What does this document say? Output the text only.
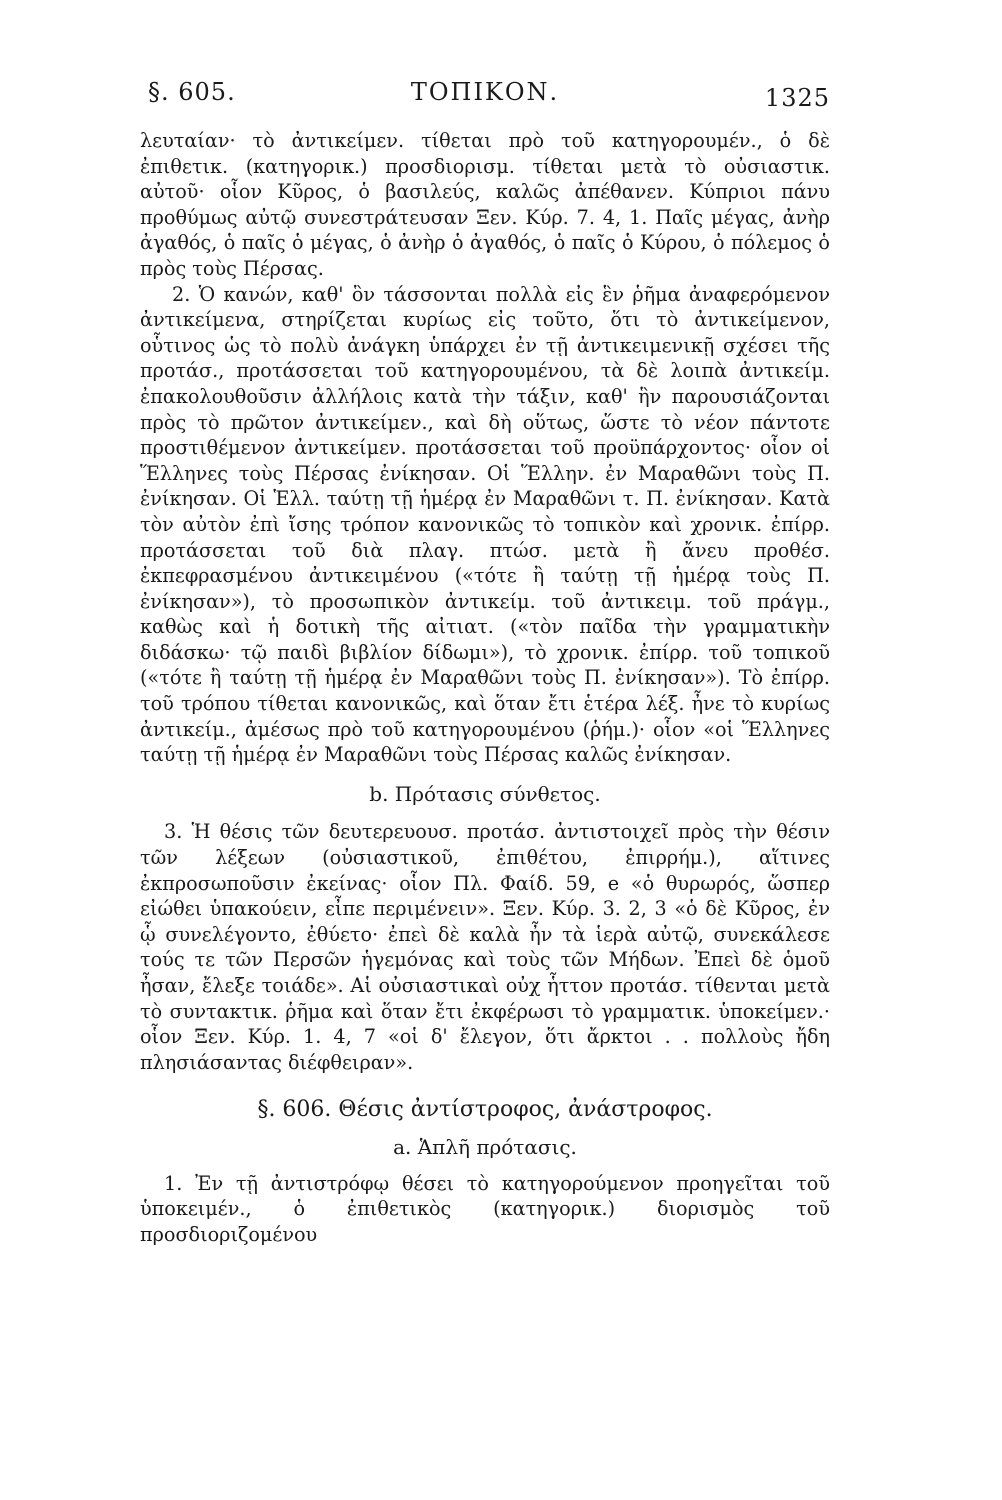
§. 605.	ΤΟΠΙΚΟΝ.	1325

λευταίαν· τὸ ἀντικείμεν. τίθεται πρὸ τοῦ κατηγορουμέν., ὁ δὲ ἐπιθετικ. (κατηγορικ.) προσδιορισμ. τίθεται μετὰ τὸ οὐσιαστικ. αὐτοῦ· οἷον Κῦρος, ὁ βασιλεύς, καλῶς ἀπέθανεν. Κύπριοι πάνυ προθύμως αὐτῷ συνεστράτευσαν Ξεν. Κύρ. 7. 4, 1. Παῖς μέγας, ἀνὴρ ἀγαθός, ὁ παῖς ὁ μέγας, ὁ ἀνὴρ ὁ ἀγαθός, ὁ παῖς ὁ Κύρου, ὁ πόλεμος ὁ πρὸς τοὺς Πέρσας.

2. Ὁ κανών, καθ' ὃν τάσσονται πολλὰ εἰς ἓν ῥῆμα ἀναφερόμενον ἀντικείμενα, στηρίζεται κυρίως εἰς τοῦτο, ὅτι τὸ ἀντικείμενον, οὗτινος ὡς τὸ πολὺ ἀνάγκη ὑπάρχει ἐν τῇ ἀντικειμενικῇ σχέσει τῆς προτάσ., προτάσσεται τοῦ κατηγορουμένου, τὰ δὲ λοιπὰ ἀντικείμ. ἐπακολουθοῦσιν ἀλλήλοις κατὰ τὴν τάξιν, καθ' ἣν παρουσιάζονται πρὸς τὸ πρῶτον ἀντικείμεν., καὶ δὴ οὕτως, ὥστε τὸ νέον πάντοτε προστιθέμενον ἀντικείμεν. προτάσσεται τοῦ προϋπάρχοντος· οἷον οἱ Ἕλληνες τοὺς Πέρσας ἐνίκησαν. Οἱ Ἕλλην. ἐν Μαραθῶνι τοὺς Π. ἐνίκησαν. Οἱ Ἑλλ. ταύτῃ τῇ ἡμέρᾳ ἐν Μαραθῶνι τ. Π. ἐνίκησαν. Κατὰ τὸν αὐτὸν ἐπὶ ἴσης τρόπον κανονικῶς τὸ τοπικὸν καὶ χρονικ. ἐπίρρ. προτάσσεται τοῦ διὰ πλαγ. πτώσ. μετὰ ἢ ἄνευ προθέσ. ἐκπεφρασμένου ἀντικειμένου («τότε ἢ ταύτῃ τῇ ἡμέρᾳ τοὺς Π. ἐνίκησαν»), τὸ προσωπικὸν ἀντικείμ. τοῦ ἀντικειμ. τοῦ πράγμ., καθὼς καὶ ἡ δοτικὴ τῆς αἰτιατ. («τὸν παῖδα τὴν γραμματικὴν διδάσκω· τῷ παιδὶ βιβλίον δίδωμι»), τὸ χρονικ. ἐπίρρ. τοῦ τοπικοῦ («τότε ἢ ταύτῃ τῇ ἡμέρᾳ ἐν Μαραθῶνι τοὺς Π. ἐνίκησαν»). Τὸ ἐπίρρ. τοῦ τρόπου τίθεται κανονικῶς, καὶ ὅταν ἔτι ἑτέρα λέξ. ἦνε τὸ κυρίως ἀντικείμ., ἀμέσως πρὸ τοῦ κατηγορουμένου (ῥήμ.)· οἷον «οἱ Ἕλληνες ταύτῃ τῇ ἡμέρᾳ ἐν Μαραθῶνι τοὺς Πέρσας καλῶς ἐνίκησαν.

b. Πρότασις σύνθετος.

3. Ἡ θέσις τῶν δευτερευουσ. προτάσ. ἀντιστοιχεῖ πρὸς τὴν θέσιν τῶν λέξεων (οὐσιαστικοῦ, ἐπιθέτου, ἐπιρρήμ.), αἵτινες ἐκπροσωποῦσιν ἐκείνας· οἷον Πλ. Φαίδ. 59, e «ὁ θυρωρός, ὥσπερ εἰώθει ὑπακούειν, εἶπε περιμένειν». Ξεν. Κύρ. 3. 2, 3 «ὁ δὲ Κῦρος, ἐν ᾧ συνελέγοντο, ἐθύετο· ἐπεὶ δὲ καλὰ ἦν τὰ ἱερὰ αὐτῷ, συνεκάλεσε τούς τε τῶν Περσῶν ἡγεμόνας καὶ τοὺς τῶν Μήδων. Ἐπεὶ δὲ ὁμοῦ ἦσαν, ἔλεξε τοιάδε». Αἱ οὐσιαστικαὶ οὐχ ἧττον προτάσ. τίθενται μετὰ τὸ συντακτικ. ῥῆμα καὶ ὅταν ἔτι ἐκφέρωσι τὸ γραμματικ. ὑποκείμεν.· οἷον Ξεν. Κύρ. 1. 4, 7 «οἱ δ' ἔλεγον, ὅτι ἄρκτοι . . πολλοὺς ἤδη πλησιάσαντας διέφθειραν».

§. 606. Θέσις ἀντίστροφος, ἀνάστροφος.

a. Ἁπλῆ πρότασις.

1. Ἐν τῇ ἀντιστρόφῳ θέσει τὸ κατηγορούμενον προηγεῖται τοῦ ὑποκειμέν., ὁ ἐπιθετικὸς (κατηγορικ.) διορισμὸς τοῦ προσδιοριζομένου
